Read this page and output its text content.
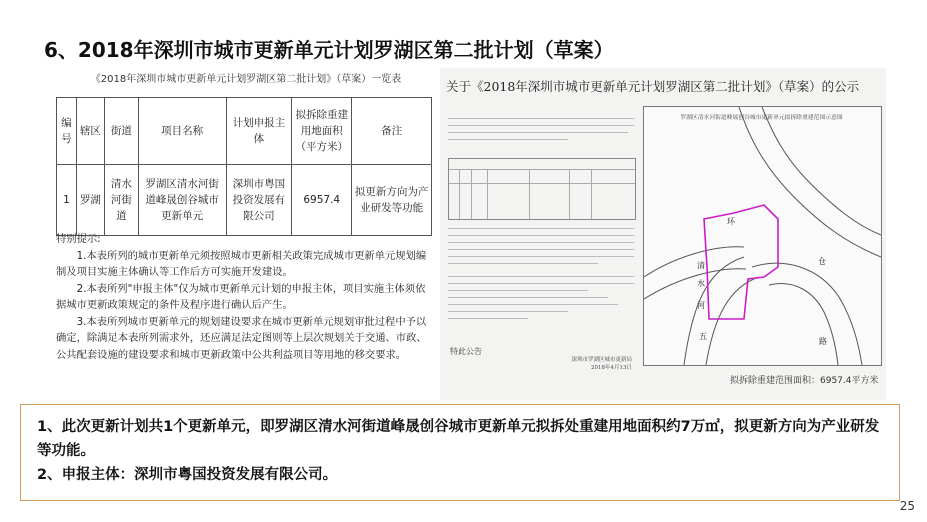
6、2018年深圳市城市更新单元计划罗湖区第二批计划（草案）
《2018年深圳市城市更新单元计划罗湖区第二批计划》（草案）一览表
编号	辖区	街道	项目名称	计划申报主体	拟拆除重建用地面积（平方米）	备注
1	罗湖	清水河街道	罗湖区清水河街道峰晟创谷城市更新单元	深圳市粤国投资发展有限公司	6957.4	拟更新方向为产业研发等功能

特别提示:

1.本表所列的城市更新单元须按照城市更新相关政策完成城市更新单元规划编制及项目实施主体确认等工作后方可实施开发建设。

2.本表所列"申报主体"仅为城市更新单元计划的申报主体，项目实施主体须依据城市更新政策规定的条件及程序进行确认后产生。

3.本表所列城市更新单元的规划建设要求在城市更新单元规划审批过程中予以确定，除满足本表所列需求外，还应满足法定图则等上层次规划关于交通、市政、公共配套设施的建设要求和城市更新政策中公共利益项目等用地的移交要求。

关于《2018年深圳市城市更新单元计划罗湖区第二批计划》（草案）的公示
特此公告
深圳市罗湖区城市更新局
2018年4月13日
罗湖区清水河街道峰晟创谷城市更新单元拟拆除重建范围示意图
环
仓
清
水
河
五
路
拟拆除重建范围面积：6957.4平方米

1、此次更新计划共1个更新单元，即罗湖区清水河街道峰晟创谷城市更新单元拟拆处重建用地面积约7万㎡，拟更新方向为产业研发等功能。

2、申报主体：深圳市粤国投资发展有限公司。

25
